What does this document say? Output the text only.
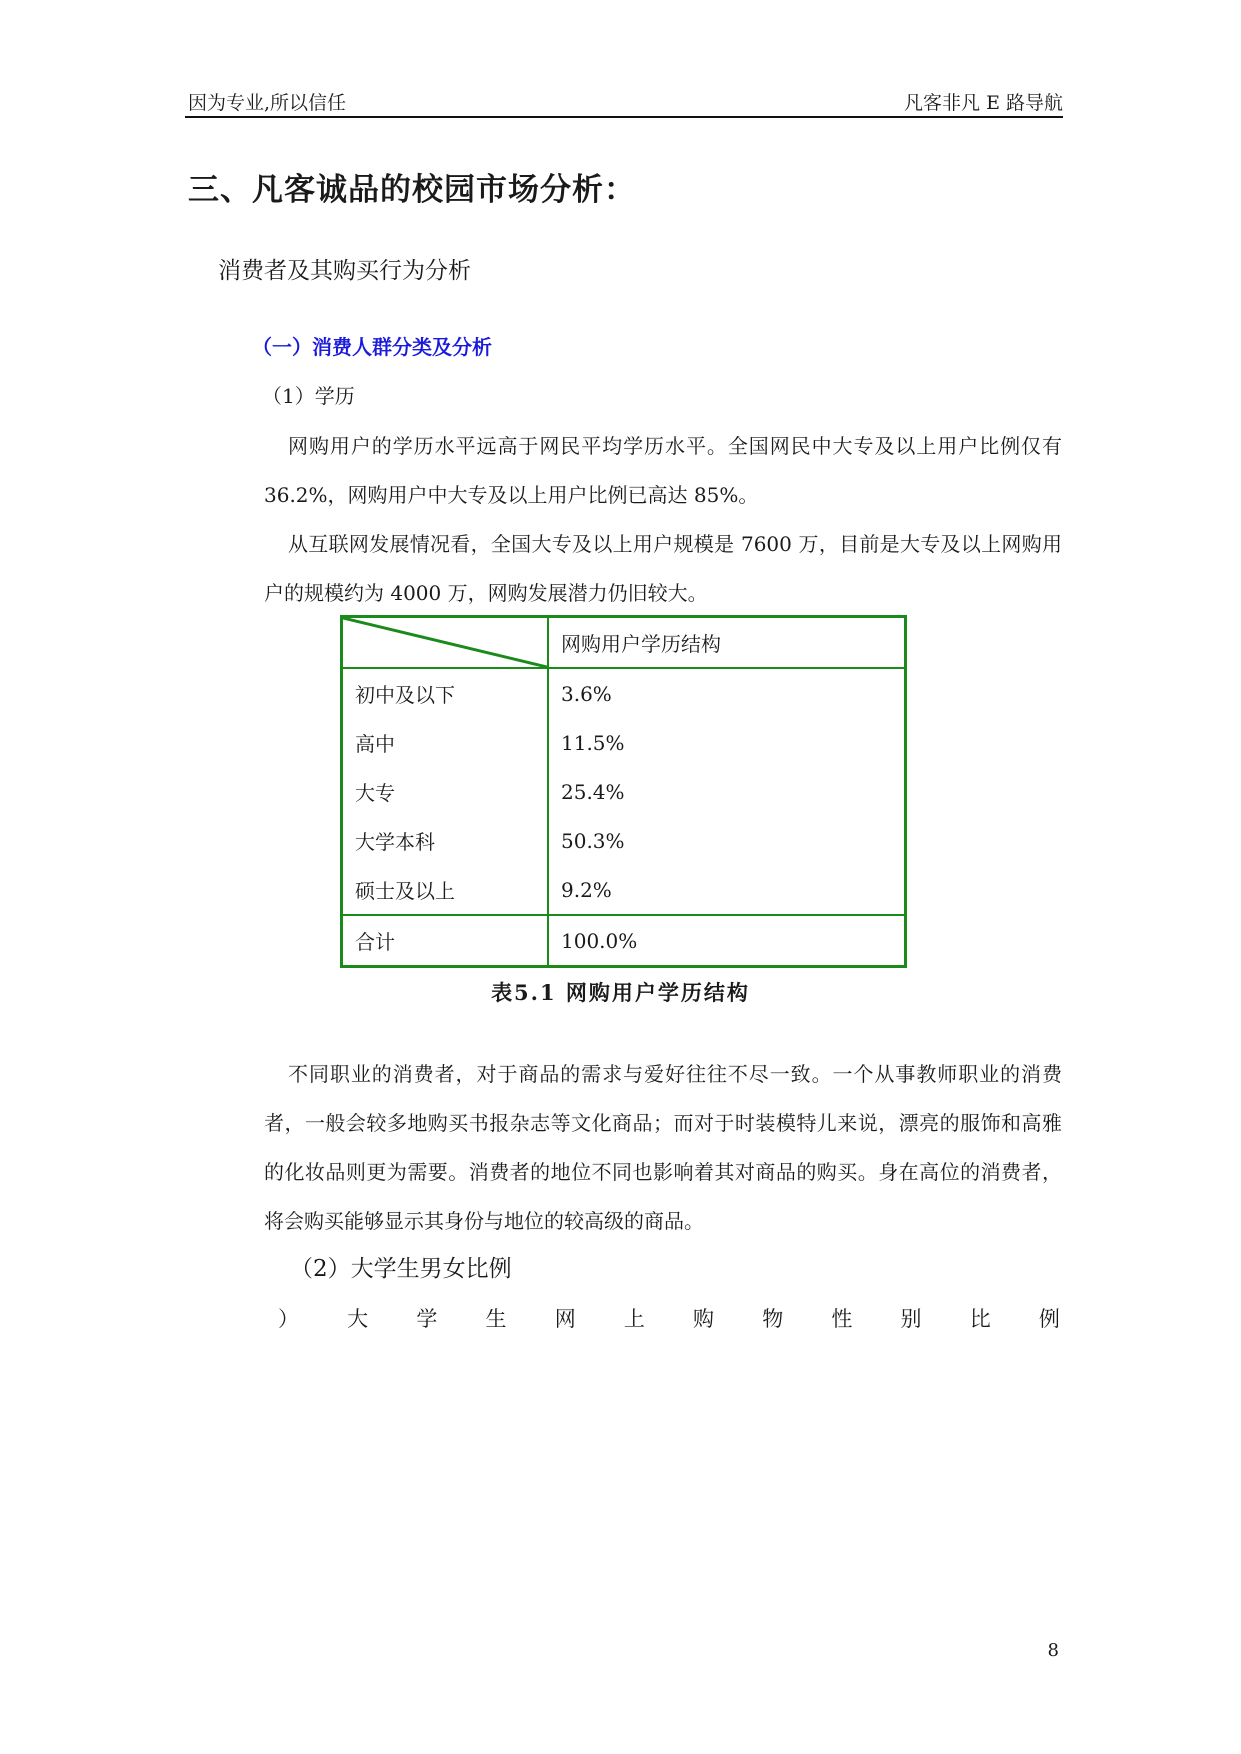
因为专业,所以信任	凡客非凡 E 路导航
三、凡客诚品的校园市场分析：
消费者及其购买行为分析
（一）消费人群分类及分析
（1）学历

网购用户的学历水平远高于网民平均学历水平。全国网民中大专及以上用户比例仅有 36.2%，网购用户中大专及以上用户比例已高达 85%。

从互联网发展情况看，全国大专及以上用户规模是 7600 万，目前是大专及以上网购用户的规模约为 4000 万，网购发展潜力仍旧较大。

	网购用户学历结构
初中及以下	3.6%
高中	11.5%
大专	25.4%
大学本科	50.3%
硕士及以上	9.2%
合计	100.0%
表5.1 网购用户学历结构

不同职业的消费者，对于商品的需求与爱好往往不尽一致。一个从事教师职业的消费者，一般会较多地购买书报杂志等文化商品；而对于时装模特儿来说，漂亮的服饰和高雅的化妆品则更为需要。消费者的地位不同也影响着其对商品的购买。身在高位的消费者，将会购买能够显示其身份与地位的较高级的商品。

（2）大学生男女比例
） 大 学 生 网 上 购 物 性 别 比 例
8
